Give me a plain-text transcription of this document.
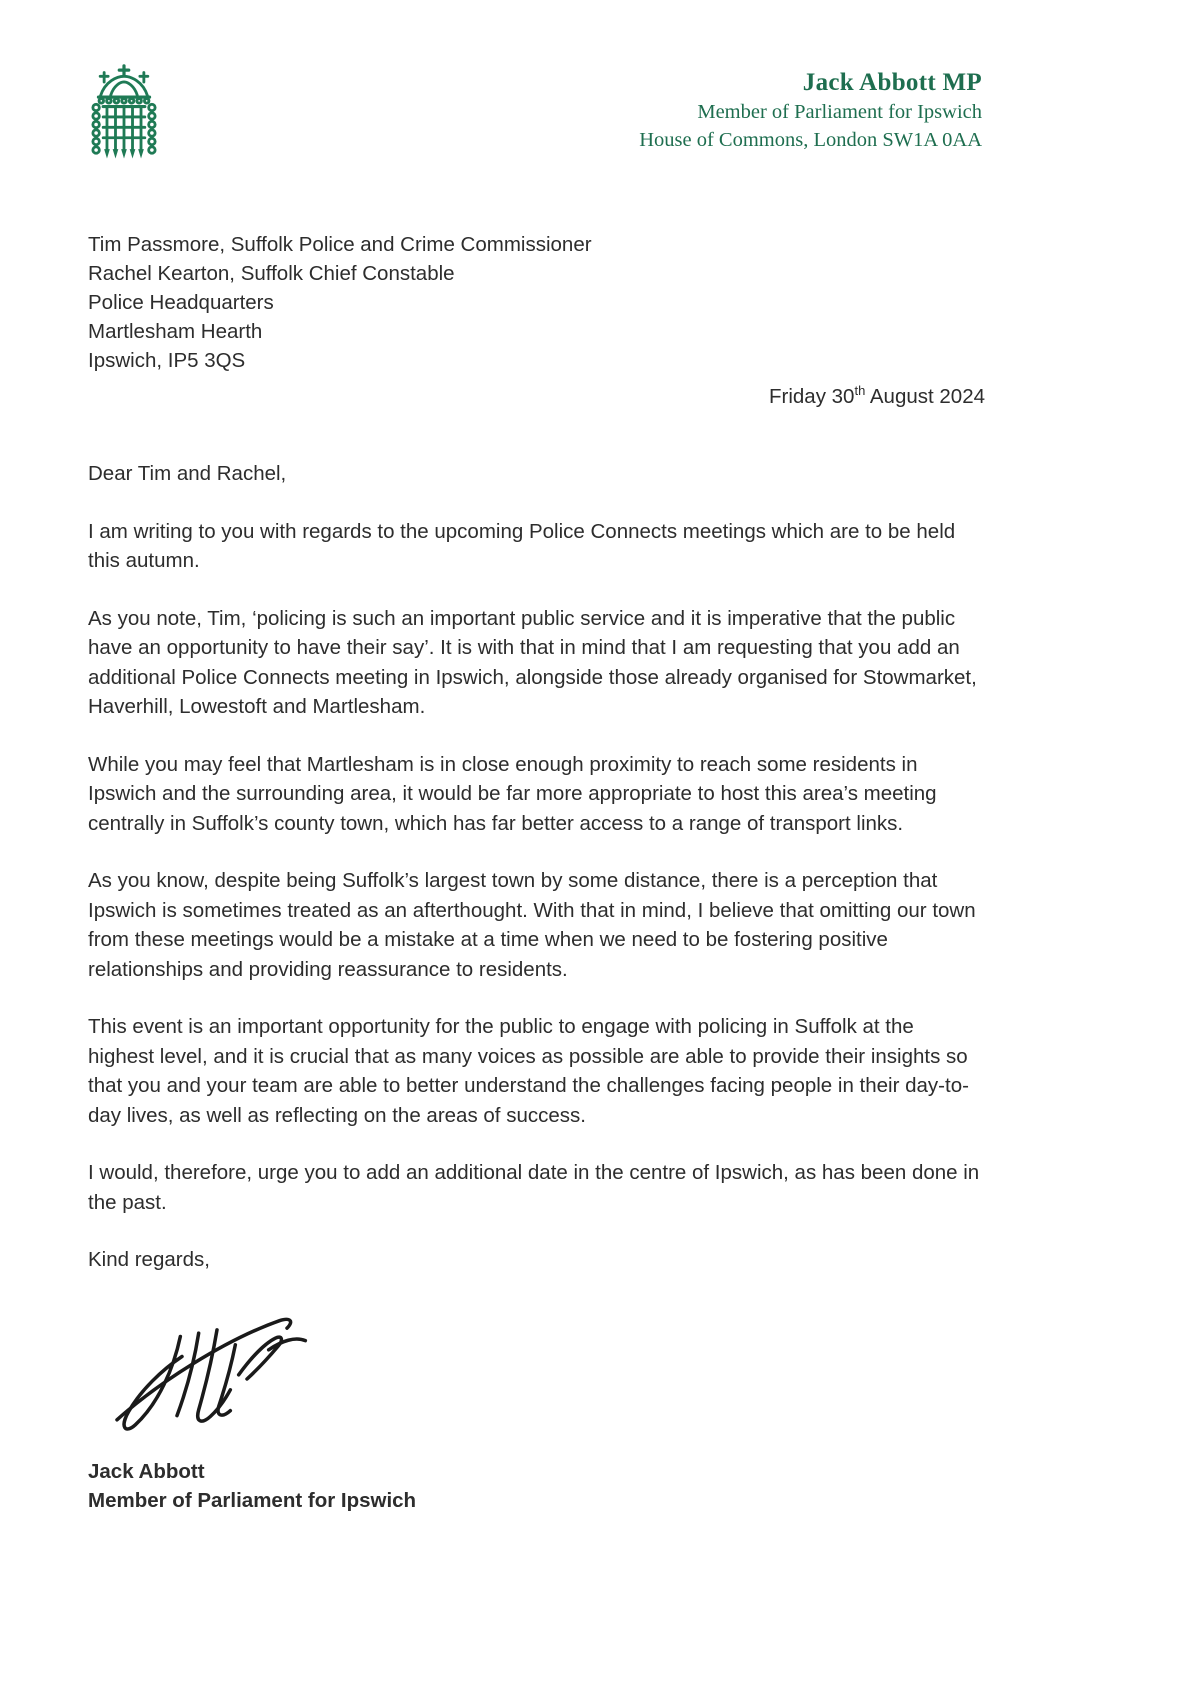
Jack Abbott MP
Member of Parliament for Ipswich
House of Commons, London SW1A 0AA
Tim Passmore, Suffolk Police and Crime Commissioner
Rachel Kearton, Suffolk Chief Constable
Police Headquarters
Martlesham Hearth
Ipswich, IP5 3QS
Friday 30th August 2024

Dear Tim and Rachel,

I am writing to you with regards to the upcoming Police Connects meetings which are to be held this autumn.

As you note, Tim, ‘policing is such an important public service and it is imperative that the public have an opportunity to have their say’. It is with that in mind that I am requesting that you add an additional Police Connects meeting in Ipswich, alongside those already organised for Stowmarket, Haverhill, Lowestoft and Martlesham.

While you may feel that Martlesham is in close enough proximity to reach some residents in Ipswich and the surrounding area, it would be far more appropriate to host this area’s meeting centrally in Suffolk’s county town, which has far better access to a range of transport links.

As you know, despite being Suffolk’s largest town by some distance, there is a perception that Ipswich is sometimes treated as an afterthought. With that in mind, I believe that omitting our town from these meetings would be a mistake at a time when we need to be fostering positive relationships and providing reassurance to residents.

This event is an important opportunity for the public to engage with policing in Suffolk at the highest level, and it is crucial that as many voices as possible are able to provide their insights so that you and your team are able to better understand the challenges facing people in their day-to-day lives, as well as reflecting on the areas of success.

I would, therefore, urge you to add an additional date in the centre of Ipswich, as has been done in the past.

Kind regards,

Jack Abbott
Member of Parliament for Ipswich
